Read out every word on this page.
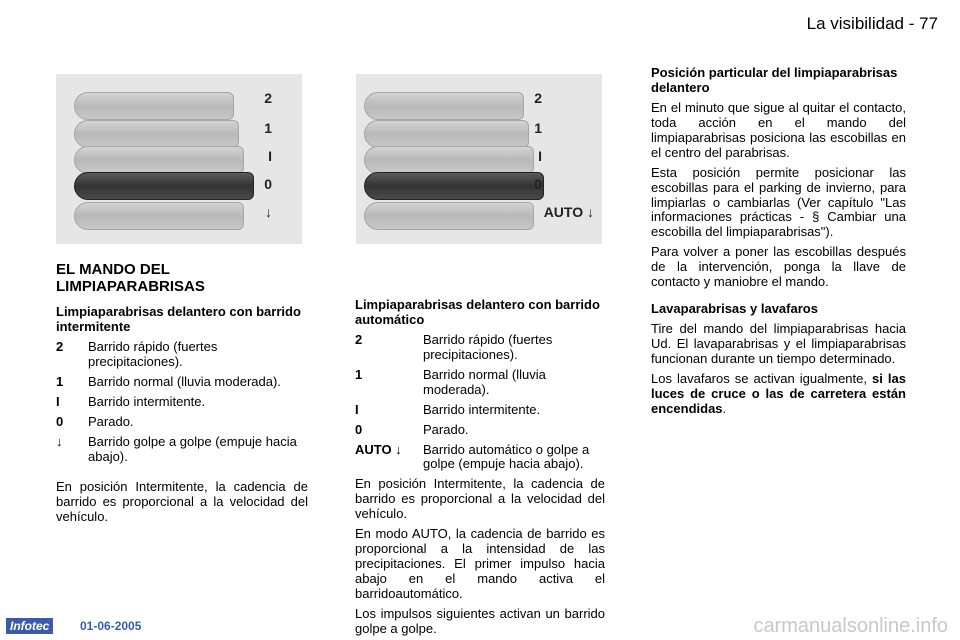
La visibilidad - 77
2
1
I
0
↓
2
1
I
0
AUTO ↓
EL MANDO DEL
LIMPIAPARABRISAS
Limpiaparabrisas delantero con barrido intermitente
2	Barrido rápido (fuertes precipitaciones).
1	Barrido normal (lluvia moderada).
I	Barrido intermitente.
0	Parado.
↓	Barrido golpe a golpe (empuje hacia abajo).

En posición Intermitente, la cadencia de barrido es proporcional a la velocidad del vehículo.

Limpiaparabrisas delantero con barrido automático
2	Barrido rápido (fuertes precipitaciones).
1	Barrido normal (lluvia moderada).
I	Barrido intermitente.
0	Parado.
AUTO ↓	Barrido automático o golpe a golpe (empuje hacia abajo).

En posición Intermitente, la cadencia de barrido es proporcional a la velocidad del vehículo.

En modo AUTO, la cadencia de barrido es proporcional a la intensidad de las precipitaciones. El primer impulso hacia abajo en el mando activa el barridoautomático.

Los impulsos siguientes activan un barrido golpe a golpe.

Posición particular del limpiaparabrisas delantero

En el minuto que sigue al quitar el contacto, toda acción en el mando del limpiaparabrisas posiciona las escobillas en el centro del parabrisas.

Esta posición permite posicionar las escobillas para el parking de invierno, para limpiarlas o cambiarlas (Ver capítulo "Las informaciones prácticas - § Cambiar una escobilla del limpiaparabrisas").

Para volver a poner las escobillas después de la intervención, ponga la llave de contacto y maniobre el mando.

Lavaparabrisas y lavafaros

Tire del mando del limpiaparabrisas hacia Ud. El lavaparabrisas y el limpiaparabrisas funcionan durante un tiempo determinado.

Los lavafaros se activan igualmente, si las luces de cruce o las de carretera están encendidas.

Infotec	01-06-2005	carmanualsonline.info
